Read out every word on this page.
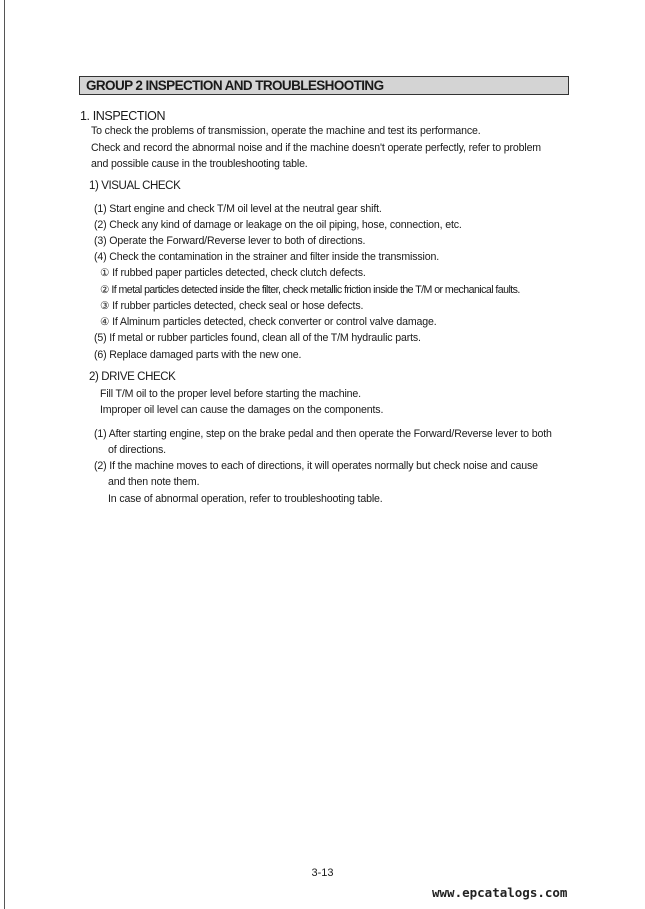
GROUP 2 INSPECTION AND TROUBLESHOOTING
1. INSPECTION
To check the problems of transmission, operate the machine and test its performance.
Check and record the abnormal noise and if the machine doesn't operate perfectly, refer to problem
and possible cause in the troubleshooting table.
1) VISUAL CHECK
(1) Start engine and check T/M oil level at the neutral gear shift.
(2) Check any kind of damage or leakage on the oil piping, hose, connection, etc.
(3) Operate the Forward/Reverse lever to both of directions.
(4) Check the contamination in the strainer and filter inside the transmission.
① If rubbed paper particles detected, check clutch defects.
② If metal particles detected inside the filter, check metallic friction inside the T/M or mechanical faults.
③ If rubber particles detected, check seal or hose defects.
④ If Alminum particles detected, check converter or control valve damage.
(5) If metal or rubber particles found, clean all of the T/M hydraulic parts.
(6) Replace damaged parts with the new one.
2) DRIVE CHECK
Fill T/M oil to the proper level before starting the machine.
Improper oil level can cause the damages on the components.
(1) After starting engine, step on the brake pedal and then operate the Forward/Reverse lever to both
of directions.
(2) If the machine moves to each of directions, it will operates normally but check noise and cause
and then note them.
In case of abnormal operation, refer to troubleshooting table.
3-13
www.epcatalogs.com
